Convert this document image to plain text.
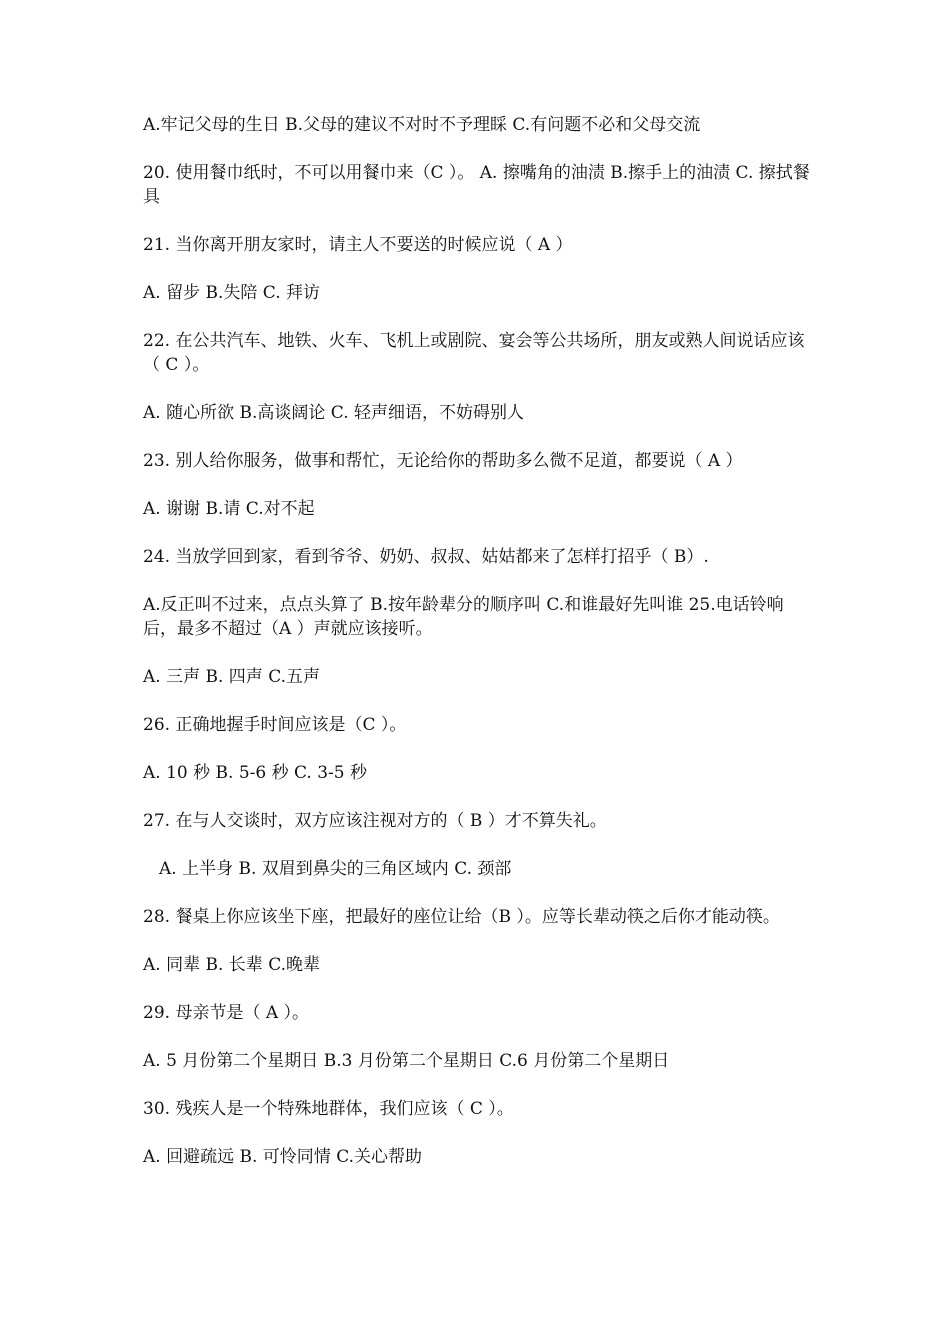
A.牢记父母的生日 B.父母的建议不对时不予理睬 C.有问题不必和父母交流

20. 使用餐巾纸时，不可以用餐巾来（C ）。 A. 擦嘴角的油渍 B.擦手上的油渍 C. 擦拭餐具

21. 当你离开朋友家时，请主人不要送的时候应说（ A ）

A. 留步 B.失陪 C. 拜访

22. 在公共汽车、地铁、火车、飞机上或剧院、宴会等公共场所，朋友或熟人间说话应该（ C ）。

A. 随心所欲 B.高谈阔论 C. 轻声细语，不妨碍别人

23. 别人给你服务，做事和帮忙，无论给你的帮助多么微不足道，都要说（ A ）

A. 谢谢 B.请 C.对不起

24. 当放学回到家，看到爷爷、奶奶、叔叔、姑姑都来了怎样打招乎（ B）.

A.反正叫不过来，点点头算了 B.按年龄辈分的顺序叫 C.和谁最好先叫谁 25.电话铃响后，最多不超过（A ）声就应该接听。

A. 三声 B. 四声 C.五声

26. 正确地握手时间应该是（C ）。

A. 10 秒 B. 5-6 秒 C. 3-5 秒

27. 在与人交谈时，双方应该注视对方的（ B ）才不算失礼。

A. 上半身 B. 双眉到鼻尖的三角区域内 C. 颈部

28. 餐桌上你应该坐下座，把最好的座位让给（B ）。应等长辈动筷之后你才能动筷。

A. 同辈 B. 长辈 C.晚辈

29. 母亲节是（ A ）。

A. 5 月份第二个星期日 B.3 月份第二个星期日 C.6 月份第二个星期日

30. 残疾人是一个特殊地群体，我们应该（ C ）。

A. 回避疏远 B. 可怜同情 C.关心帮助
